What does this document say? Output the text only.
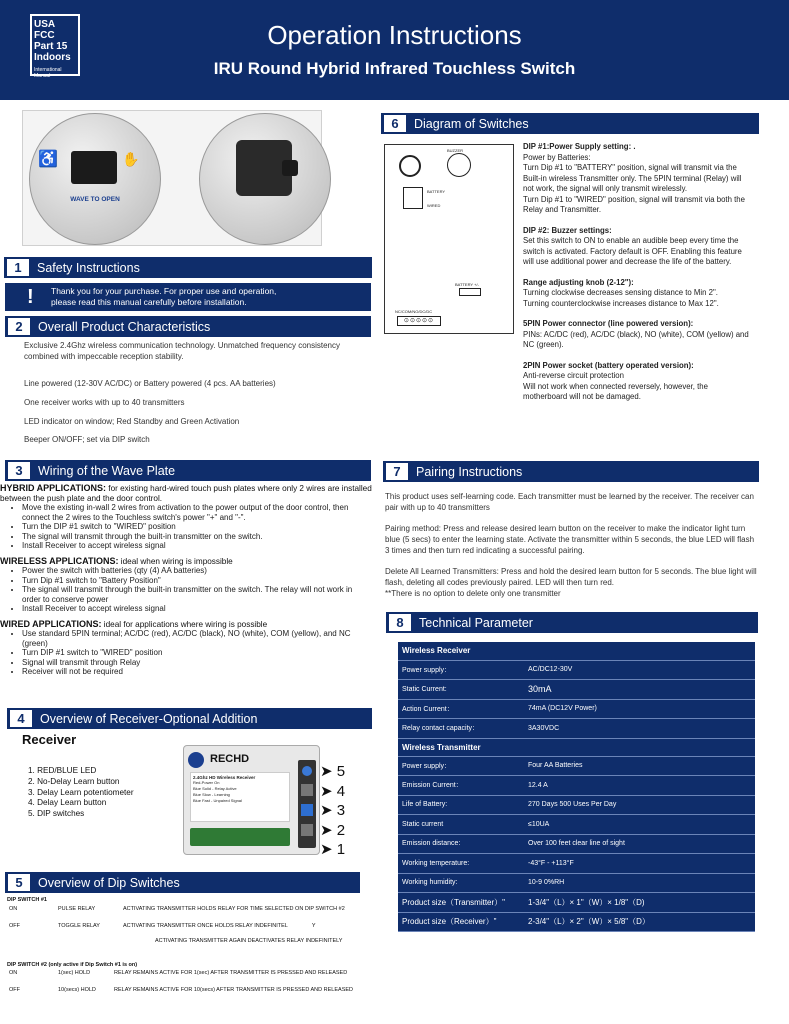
USA FCC
Part 15
Indoors
International
Manual
Operation Instructions
IRU Round Hybrid Infrared Touchless Switch
♿	✋
WAVE TO OPEN
1	Safety Instructions
! Thank you for your purchase. For proper use and operation,
please read this manual carefully before installation.
2	Overall Product Characteristics
Exclusive 2.4Ghz wireless communication technology. Unmatched frequency consistency combined with impeccable reception stability.
Line powered (12-30V AC/DC) or Battery powered (4 pcs. AA batteries)
One receiver works with up to 40 transmitters
LED indicator on window; Red Standby and Green Activation
Beeper ON/OFF; set via DIP switch
3	Wiring of the Wave Plate
HYBRID APPLICATIONS: for existing hard-wired touch push plates where only 2 wires are installed between the push plate and the door control.
• Move the existing in-wall 2 wires from activation to the power output of the door control, then connect the 2 wires to the Touchless switch's power "+" and "-".
• Turn the DIP #1 switch to "WIRED" position
• The signal will transmit through the built-in transmitter on the switch.
• Install Receiver to accept wireless signal
WIRELESS APPLICATIONS: ideal when wiring is impossible
• Power the switch with batteries (qty (4) AA batteries)
• Turn Dip #1 switch to "Battery Position"
• The signal will transmit through the built-in transmitter on the switch. The relay will not work in order to conserve power
• Install Receiver to accept wireless signal
WIRED APPLICATIONS: ideal for applications where wiring is possible
• Use standard 5PIN terminal; AC/DC (red), AC/DC (black), NO (white), COM (yellow), and NC (green)
• Turn DIP #1 switch to "WIRED" position
• Signal will transmit through Relay
• Receiver will not be required
4	Overview of Receiver-Optional Addition
Receiver
1. RED/BLUE LED
2. No-Delay Learn button
3. Delay Learn potentiometer
4. Delay Learn button
5. DIP switches
RECHD
2.4Ghz HD Wireless Receiver
Red-Power On
Blue Solid - Relay Active
Blue Slow - Learning
Blue Fast - Unpaired Signal
➤ 5
➤ 4
➤ 3
➤ 2
➤ 1
5	Overview of Dip Switches
DIP SWITCH #1
ON	PULSE RELAY	ACTIVATING TRANSMITTER HOLDS RELAY FOR TIME SELECTED ON DIP SWITCH #2
OFF	TOGGLE RELAY	ACTIVATING TRANSMITTER ONCE HOLDS RELAY INDEFINITEL Y
		ACTIVATING TRANSMITTER AGAIN DEACTIVATES RELAY INDEFINITELY
DIP SWITCH #2 (only active if Dip Switch #1 is on)
ON	1(sec) HOLD	RELAY REMAINS ACTIVE FOR 1(sec) AFTER TRANSMITTER IS PRESSED AND RELEASED
OFF	10(secs) HOLD	RELAY REMAINS ACTIVE FOR 10(secs) AFTER TRANSMITTER IS PRESSED AND RELEASED
6	Diagram of Switches
BUZZER
BATTERY
WIRED
BATTERY +/-
NC/COM/NO/DC/DC
⊙⊙⊙⊙⊙
DIP #1:Power Supply setting: .
Power by Batteries:
Turn Dip #1 to "BATTERY" position, signal will transmit via the Built-in wireless Transmitter only. The 5PIN terminal (Relay) will not work, the signal will only transmit wirelessly.
Turn Dip #1 to "WIRED" position, signal will transmit via both the Relay and Transmitter.
DIP #2: Buzzer settings:
Set this switch to ON to enable an audible beep every time the switch is activated. Factory default is OFF. Enabling this feature will use additional power and decrease the life of the battery.
Range adjusting knob (2-12"):
Turning clockwise decreases sensing distance to Min 2".
Turning counterclockwise increases distance to Max 12".
5PIN Power connector (line powered version):
PINs: AC/DC (red), AC/DC (black), NO (white), COM (yellow) and NC (green).
2PIN Power socket (battery operated version):
Anti-reverse circuit protection
Will not work when connected reversely, however, the motherboard will not be damaged.
7	Pairing Instructions
This product uses self-learning code. Each transmitter must be learned by the receiver. The receiver can pair with up to 40 transmitters
Pairing method: Press and release desired learn button on the receiver to make the indicator light turn blue (5 secs) to enter the learning state. Activate the transmitter within 5 seconds, the blue LED will flash 3 times and then turn red indicating a successful pairing.
Delete All Learned Transmitters: Press and hold the desired learn button for 5 seconds. The blue light will flash, deleting all codes previously paired. LED will then turn red.
**There is no option to delete only one transmitter
8	Technical Parameter
Wireless Receiver	
Power supply：	AC/DC12-30V
Static Current:	30mA
Action Current：	74mA (DC12V Power)
Relay contact capacity：	3A30VDC
Wireless Transmitter	
Power supply：	Four AA Batteries
Emission Current：	12.4 A
Life of Battery:	270 Days 500 Uses Per Day
Static current	≤10UA
Emission distance:	Over 100 feet clear line of sight
Working temperature:	-43°F - +113°F
Working humidity:	10-9 0%RH
Product size（Transmitter）"	1-3/4"（L）× 1"（W）× 1/8"（D)
Product size（Receiver）"	2-3/4"（L）× 2"（W）× 5/8"（D）
